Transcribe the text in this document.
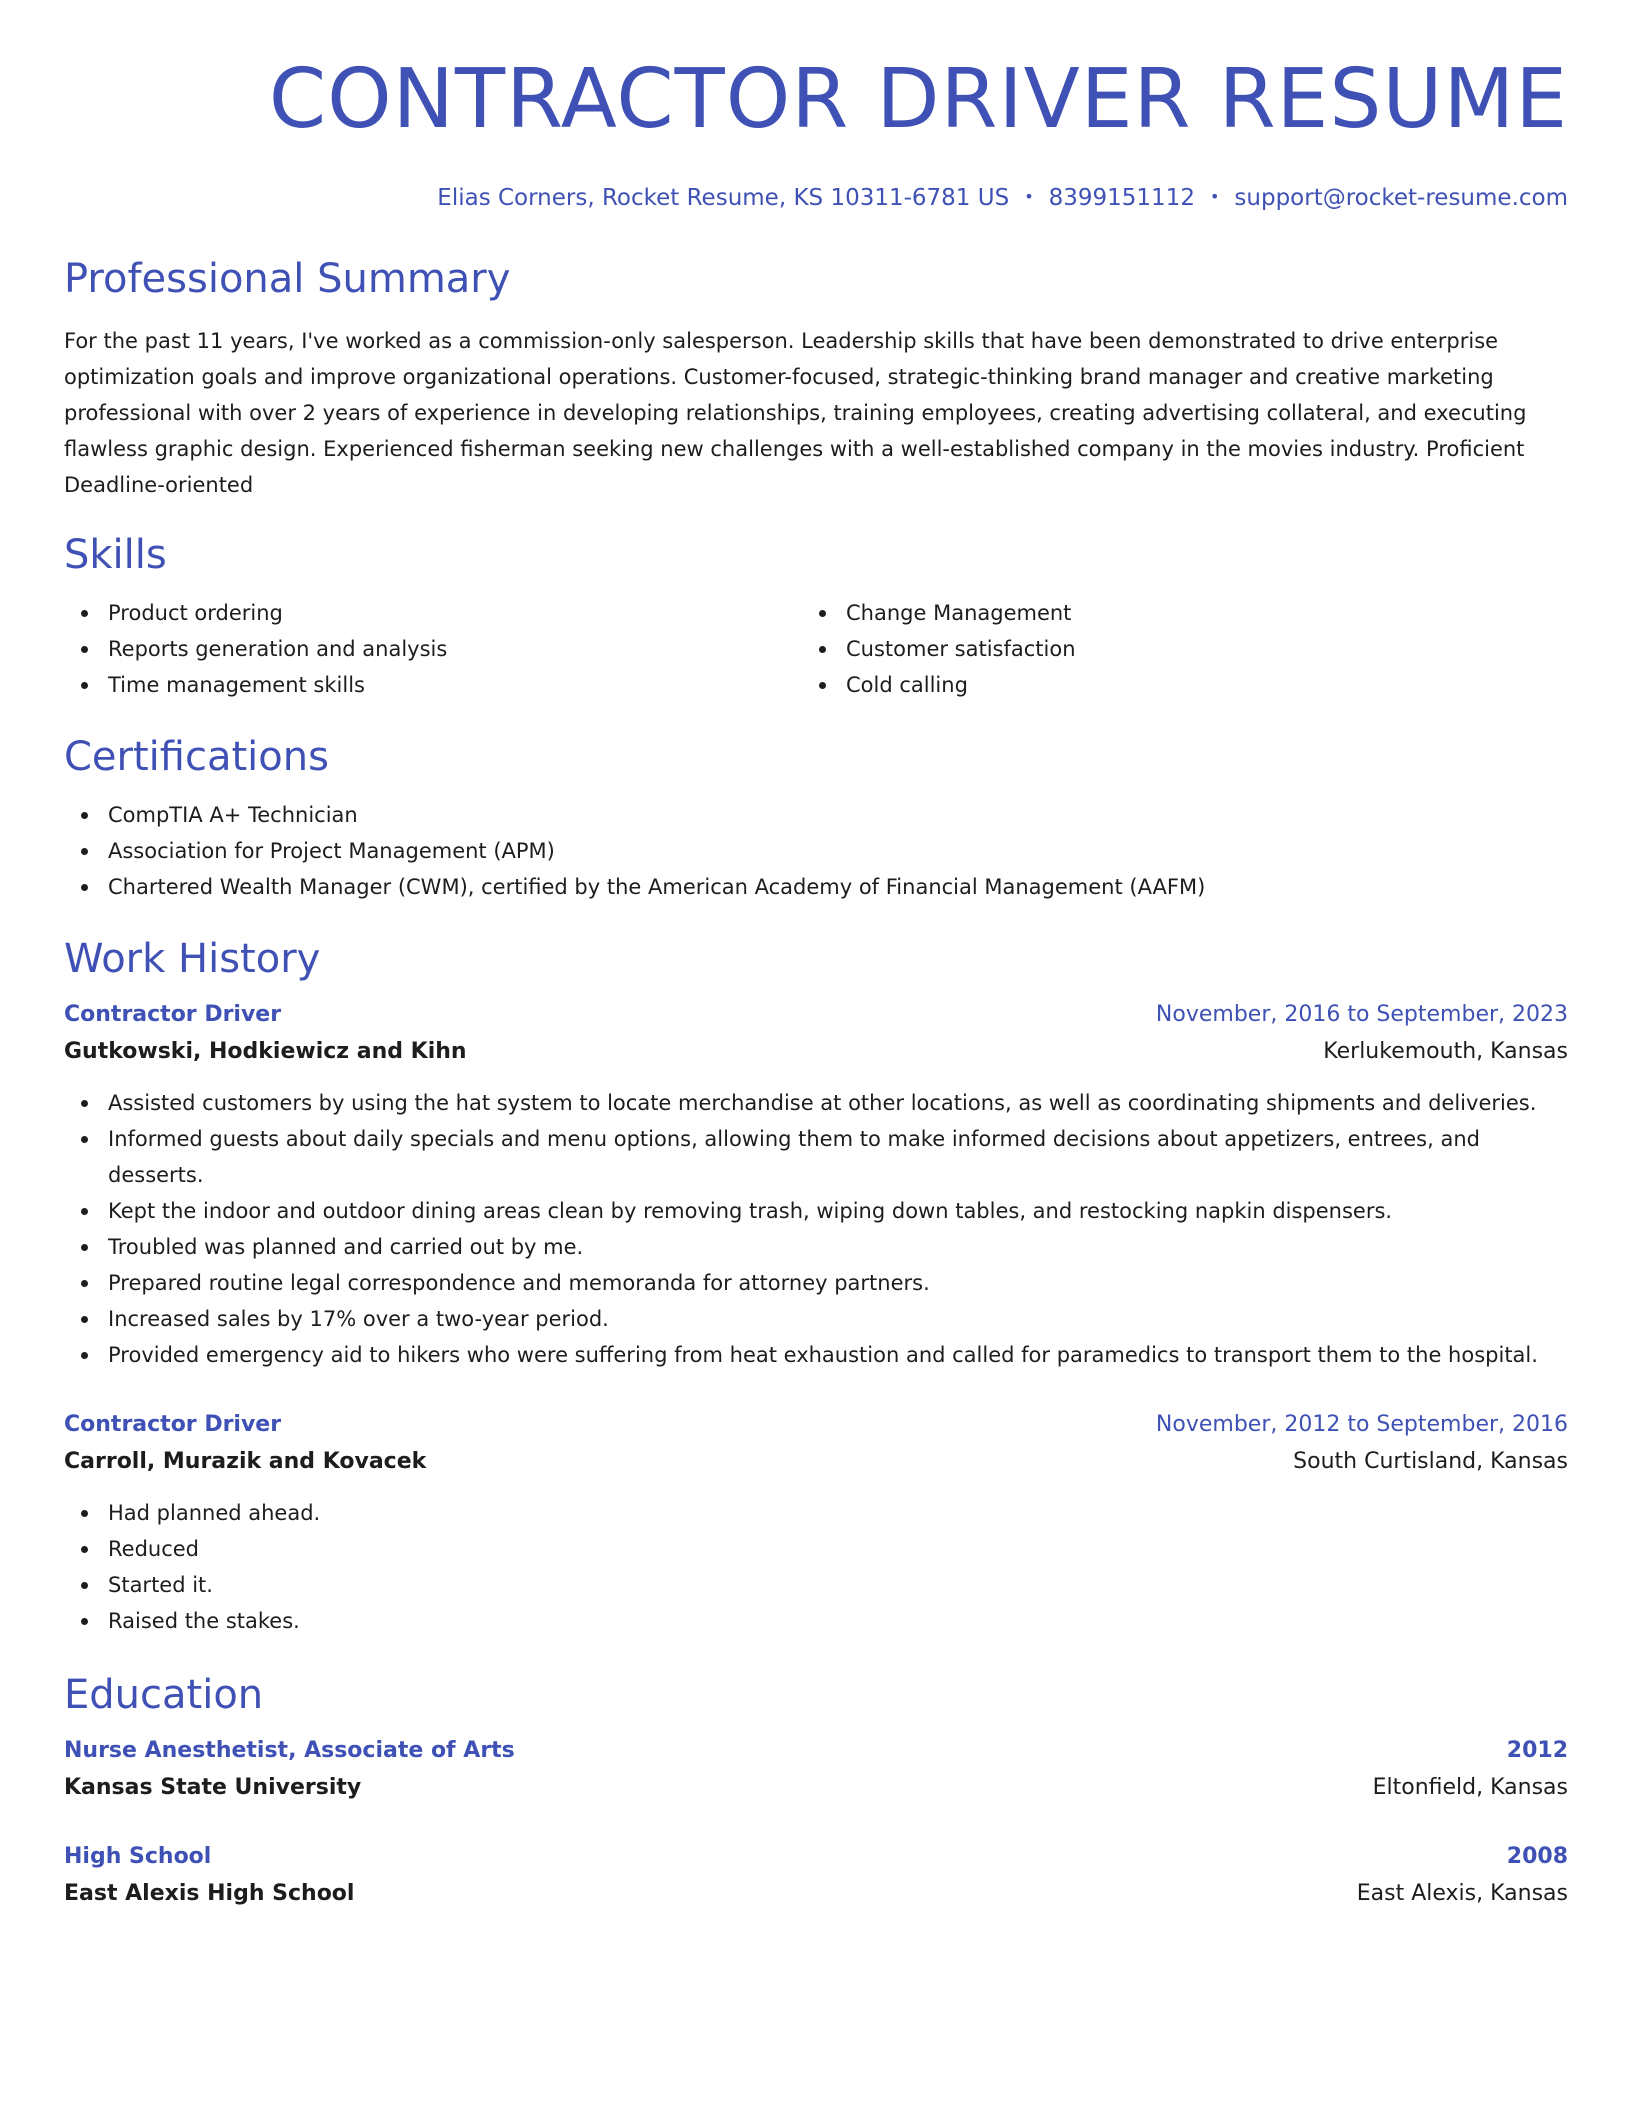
CONTRACTOR DRIVER RESUME
Elias Corners, Rocket Resume, KS 10311-6781 US • 8399151112 • support@rocket-resume.com
Professional Summary

For the past 11 years, I've worked as a commission-only salesperson. Leadership skills that have been demonstrated to drive enterprise optimization goals and improve organizational operations. Customer-focused, strategic-thinking brand manager and creative marketing professional with over 2 years of experience in developing relationships, training employees, creating advertising collateral, and executing flawless graphic design. Experienced fisherman seeking new challenges with a well-established company in the movies industry. Proficient Deadline-oriented

Skills
Product ordering
Reports generation and analysis
Time management skills
Change Management
Customer satisfaction
Cold calling
Certifications
CompTIA A+ Technician
Association for Project Management (APM)
Chartered Wealth Manager (CWM), certified by the American Academy of Financial Management (AAFM)
Work History
Contractor Driver	November, 2016 to September, 2023
Gutkowski, Hodkiewicz and Kihn	Kerlukemouth, Kansas
Assisted customers by using the hat system to locate merchandise at other locations, as well as coordinating shipments and deliveries.
Informed guests about daily specials and menu options, allowing them to make informed decisions about appetizers, entrees, and desserts.
Kept the indoor and outdoor dining areas clean by removing trash, wiping down tables, and restocking napkin dispensers.
Troubled was planned and carried out by me.
Prepared routine legal correspondence and memoranda for attorney partners.
Increased sales by 17% over a two-year period.
Provided emergency aid to hikers who were suffering from heat exhaustion and called for paramedics to transport them to the hospital.
Contractor Driver	November, 2012 to September, 2016
Carroll, Murazik and Kovacek	South Curtisland, Kansas
Had planned ahead.
Reduced
Started it.
Raised the stakes.
Education
Nurse Anesthetist, Associate of Arts	2012
Kansas State University	Eltonfield, Kansas
High School	2008
East Alexis High School	East Alexis, Kansas
